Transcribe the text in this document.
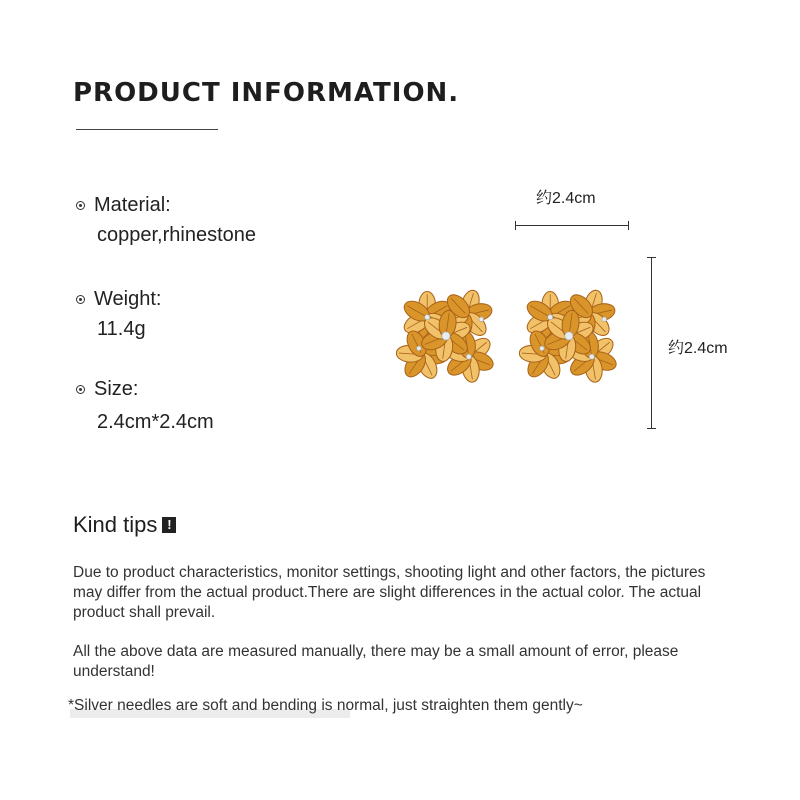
PRODUCT INFORMATION.
Material:
copper,rhinestone
Weight:
11.4g
Size:
2.4cm*2.4cm
约2.4cm
约2.4cm
Kind tips !

Due to product characteristics, monitor settings, shooting light and other factors, the pictures may differ from the actual product.There are slight differences in the actual color. The actual product shall prevail.

All the above data are measured manually, there may be a small amount of error, please understand!

*Silver needles are soft and bending is normal, just straighten them gently~
